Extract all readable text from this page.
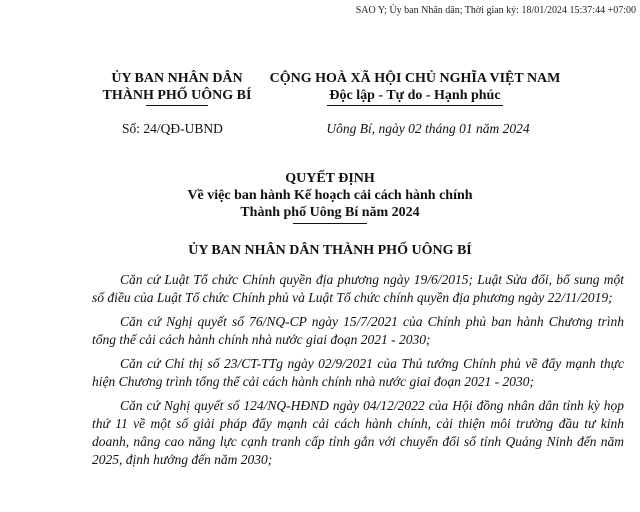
SAO Y; Ủy ban Nhân dân; Thời gian ký: 18/01/2024 15:37:44 +07:00
ỦY BAN NHÂN DÂN
THÀNH PHỐ UÔNG BÍ
CỘNG HOÀ XÃ HỘI CHỦ NGHĨA VIỆT NAM
Độc lập - Tự do - Hạnh phúc
Số: 24/QĐ-UBND	Uông Bí, ngày 02 tháng 01 năm 2024
QUYẾT ĐỊNH
Về việc ban hành Kế hoạch cải cách hành chính
Thành phố Uông Bí năm 2024
ỦY BAN NHÂN DÂN THÀNH PHỐ UÔNG BÍ

Căn cứ Luật Tổ chức Chính quyền địa phương ngày 19/6/2015; Luật Sửa đổi, bổ sung một số điều của Luật Tổ chức Chính phủ và Luật Tổ chức chính quyền địa phương ngày 22/11/2019;

Căn cứ Nghị quyết số 76/NQ-CP ngày 15/7/2021 của Chính phủ ban hành Chương trình tổng thể cải cách hành chính nhà nước giai đoạn 2021 - 2030;

Căn cứ Chỉ thị số 23/CT-TTg ngày 02/9/2021 của Thủ tướng Chính phủ về đẩy mạnh thực hiện Chương trình tổng thể cải cách hành chính nhà nước giai đoạn 2021 - 2030;

Căn cứ Nghị quyết số 124/NQ-HĐND ngày 04/12/2022 của Hội đồng nhân dân tỉnh kỳ họp thứ 11 về một số giải pháp đẩy mạnh cải cách hành chính, cải thiện môi trường đầu tư kinh doanh, nâng cao năng lực cạnh tranh cấp tỉnh gắn với chuyển đổi số tỉnh Quảng Ninh đến năm 2025, định hướng đến năm 2030;
